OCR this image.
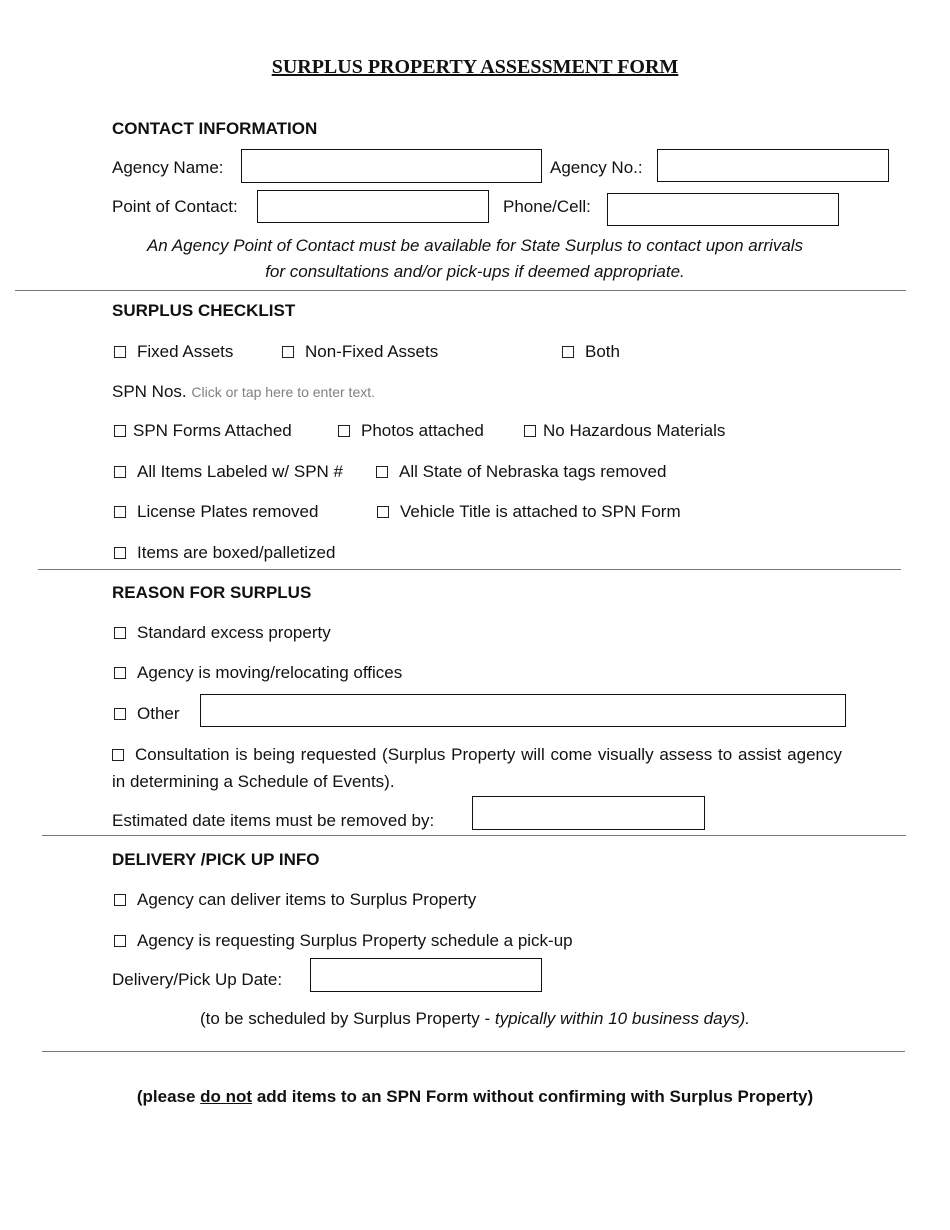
SURPLUS PROPERTY ASSESSMENT FORM
CONTACT INFORMATION
Agency Name:	Agency No.:
Point of Contact:	Phone/Cell:
An Agency Point of Contact must be available for State Surplus to contact upon arrivals
for consultations and/or pick-ups if deemed appropriate.
SURPLUS CHECKLIST
Fixed Assets	Non-Fixed Assets	Both
SPN Nos. Click or tap here to enter text.
SPN Forms Attached	Photos attached	No Hazardous Materials
All Items Labeled w/ SPN #	All State of Nebraska tags removed
License Plates removed	Vehicle Title is attached to SPN Form
Items are boxed/palletized
REASON FOR SURPLUS
Standard excess property
Agency is moving/relocating offices
Other
Consultation is being requested (Surplus Property will come visually assess to assist agency in determining a Schedule of Events).
Estimated date items must be removed by:
DELIVERY /PICK UP INFO
Agency can deliver items to Surplus Property
Agency is requesting Surplus Property schedule a pick-up
Delivery/Pick Up Date:
(to be scheduled by Surplus Property - typically within 10 business days).
(please do not add items to an SPN Form without confirming with Surplus Property)
